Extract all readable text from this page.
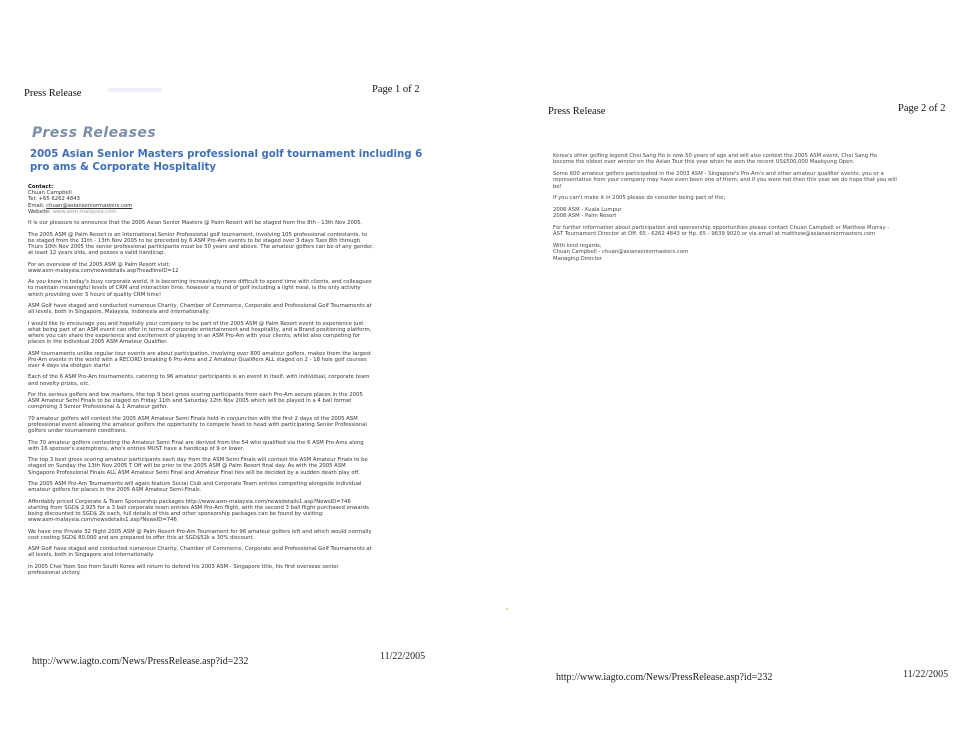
Press Release	Page 1 of 2
Press Releases
2005 Asian Senior Masters professional golf tournament including 6 pro ams & Corporate Hospitality
Contact:
Chuan Campbell
Tel: +65 6262 4843
Email: chuan@asianseniormasters.com
Website: www.asm-malaysia.com
It is our pleasure to announce that the 2005 Asian Senior Masters @ Palm Resort will be staged from the 8th - 13th Nov 2005.
The 2005 ASM @ Palm Resort is an International Senior Professional golf tournament, involving 105 professional contestants, to
be staged from the 11th - 13th Nov 2005 to be preceded by 6 ASM Pro-Am events to be staged over 3 days Tues 8th through
Thurs 10th Nov 2005 the senior professional participants must be 50 years and above. The amateur golfers can be of any gender,
at least 12 years olds, and posses a valid handicap.
For an overview of the 2005 ASM @ Palm Resort visit:
www.asm-malaysia.com/newsdetails.asp?headlineID=12
As you know in today's busy corporate world, it is becoming increasingly more difficult to spend time with clients, and colleagues
to maintain meaningful levels of CRM and interaction time, however a round of golf including a light meal, is the only activity
which providing over 5 hours of quality CRM time!
ASM Golf have staged and conducted numerous Charity, Chamber of Commerce, Corporate and Professional Golf Tournaments at
all levels, both in Singapore, Malaysia, Indonesia and internationally.
I would like to encourage you and hopefully your company to be part of the 2005 ASM @ Palm Resort event to experience just
what being part of an ASM event can offer in terms of corporate entertainment and hospitality, and a Brand positioning platform,
where you can share the experience and excitement of playing in an ASM Pro-Am with your clients, whilst also competing for
places in the individual 2005 ASM Amateur Qualifier.
ASM tournaments unlike regular tour events are about participation, involving over 800 amateur golfers, makes them the largest
Pro-Am events in the world with a RECORD breaking 6 Pro-Ams and 2 Amateur Qualifiers ALL staged on 2 - 18 hole golf courses
over 4 days via shotgun starts!
Each of the 6 ASM Pro-Am tournaments, catering to 96 amateur participants is an event in itself, with individual, corporate team
and novelty prizes, etc.
For the serious golfers and low markers, the top 9 best gross scoring participants from each Pro-Am secure places in the 2005
ASM Amateur Semi Finals to be staged on Friday 11th and Saturday 12th Nov 2005 which will be played in a 4 ball format
comprising 3 Senior Professional & 1 Amateur golfer.
70 amateur golfers will contest the 2005 ASM Amateur Semi Finals held in conjunction with the first 2 days of the 2005 ASM
professional event allowing the amateur golfers the opportunity to compete head to head with participating Senior Professional
golfers under tournament conditions.
The 70 amateur golfers contesting the Amateur Semi Final are derived from the 54 who qualified via the 6 ASM Pro-Ams along
with 16 sponsor's exemptions, who's entries MUST have a handicap of 9 or lower.
The top 3 best gross scoring amateur participants each day from the ASM Semi Finals will contest the ASM Amateur Finals to be
staged on Sunday the 13th Nov 2005 T Off will be prior to the 2005 ASM @ Palm Resort final day. As with the 2005 ASM
Singapore Professional Finals ALL ASM Amateur Semi Final and Amateur Final ties will be decided by a sudden death play off.
The 2005 ASM Pro-Am Tournaments will again feature Social Club and Corporate Team entries competing alongside individual
amateur golfers for places in the 2005 ASM Amateur Semi-Finals.
Affordably priced Corporate & Team Sponsorship packages http://www.asm-malaysia.com/newsdetails1.asp?NewsID=746
starting from SGD$ 2,925 for a 3 ball corporate team entries ASM Pro-Am flight, with the second 3 ball flight purchased onwards
being discounted to SGD$ 2k each, full details of this and other sponsorship packages can be found by visiting:
www.asm-malaysia.com/newsdetails1.asp?NewsID=746
We have one Private 32 flight 2005 ASM @ Palm Resort Pro-Am Tournament for 96 amateur golfers left and which would normally
cost costing SGD$ 80,000 and are prepared to offer this at SGD$52k a 30% discount.
ASM Golf have staged and conducted numerous Charity, Chamber of Commerce, Corporate and Professional Golf Tournaments at
all levels, both in Singapore and internationally.
In 2005 Choi Yoon Soo from South Korea will return to defend his 2003 ASM - Singapore title, his first overseas senior
professional victory.
http://www.iagto.com/News/PressRelease.asp?id=232	11/22/2005
Press Release	Page 2 of 2
Korea's other golfing legend Choi Sang Ho is now 50 years of age and will also contest the 2005 ASM event, Choi Sang Ho
become the oldest ever winner on the Asian Tour this year when he won the recent US$500,000 Maekyung Open.
Some 600 amateur golfers participated in the 2003 ASM - Singapore's Pro-Am's and other amateur qualifier events, you or a
representative from your company may have even been one of them, and if you were not then this year we do hope that you will
be!
If you can't make it in 2005 please do consider being part of the;
2006 ASM - Kuala Lumpur
2006 ASM - Palm Resort
For further information about participation and sponsorship opportunities please contact Chuan Campbell or Matthew Murray -
AST Tournament Director at Off. 65 - 6262 4843 or Hp. 65 - 9639 9020 or via email at matthew@asianseniormasters.com
With kind regards,
Chuan Campbell - chuan@asianseniormasters.com
Managing Director
http://www.iagto.com/News/PressRelease.asp?id=232	11/22/2005
